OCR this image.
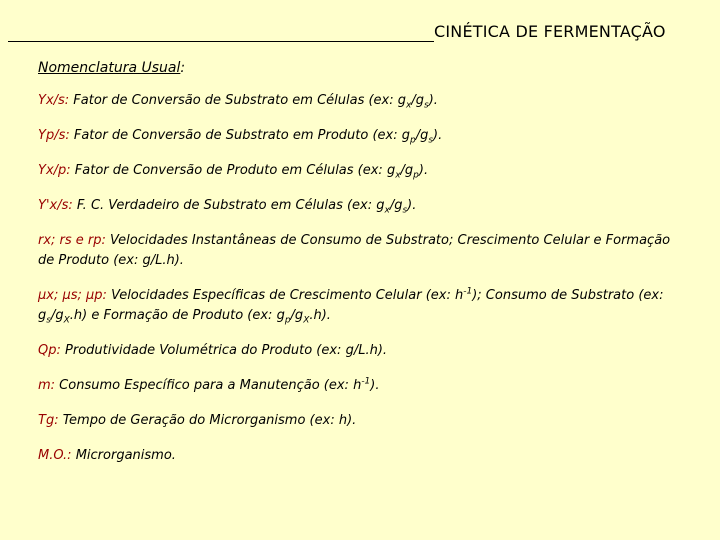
CINÉTICA DE FERMENTAÇÃO
Nomenclatura Usual:
Yx/s: Fator de Conversão de Substrato em Células (ex: $g_x/g_s$).
Yp/s: Fator de Conversão de Substrato em Produto (ex: $g_p/g_s$).
Yx/p: Fator de Conversão de Produto em Células (ex: $g_x/g_p$).
Y'x/s: F. C. Verdadeiro de Substrato em Células (ex: $g_x/g_s$).
rx; rs e rp: Velocidades Instantâneas de Consumo de Substrato; Crescimento Celular e Formação de Produto (ex: g/L.h).
μx; μs; μp: Velocidades Específicas de Crescimento Celular (ex: $h^{-1}$); Consumo de Substrato (ex: $g_s/g_X.h$) e Formação de Produto (ex: $g_p/g_X.h$).
Qp: Produtividade Volumétrica do Produto (ex: g/L.h).
m: Consumo Específico para a Manutenção (ex: $h^{-1}$).
Tg: Tempo de Geração do Microrganismo (ex: h).
M.O.: Microrganismo.
